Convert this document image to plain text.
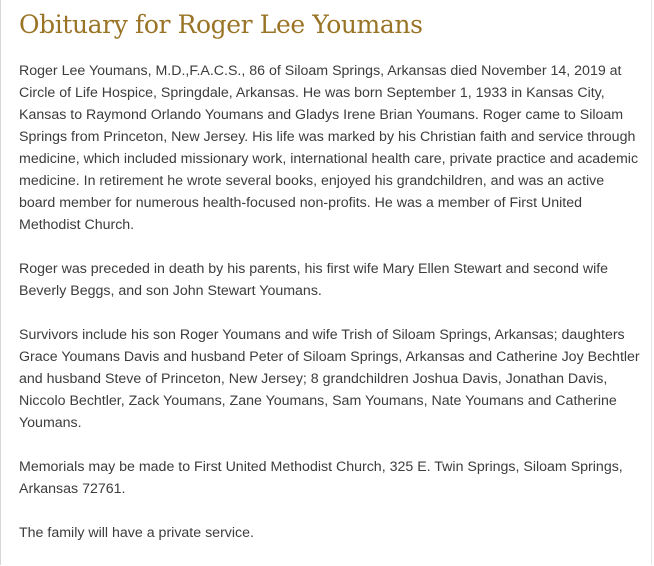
Obituary for Roger Lee Youmans

Roger Lee Youmans, M.D.,F.A.C.S., 86 of Siloam Springs, Arkansas died November 14, 2019 at Circle of Life Hospice, Springdale, Arkansas. He was born September 1, 1933 in Kansas City, Kansas to Raymond Orlando Youmans and Gladys Irene Brian Youmans. Roger came to Siloam Springs from Princeton, New Jersey. His life was marked by his Christian faith and service through medicine, which included missionary work, international health care, private practice and academic medicine. In retirement he wrote several books, enjoyed his grandchildren, and was an active board member for numerous health-focused non-profits. He was a member of First United Methodist Church.

Roger was preceded in death by his parents, his first wife Mary Ellen Stewart and second wife Beverly Beggs, and son John Stewart Youmans.

Survivors include his son Roger Youmans and wife Trish of Siloam Springs, Arkansas; daughters Grace Youmans Davis and husband Peter of Siloam Springs, Arkansas and Catherine Joy Bechtler and husband Steve of Princeton, New Jersey; 8 grandchildren Joshua Davis, Jonathan Davis, Niccolo Bechtler, Zack Youmans, Zane Youmans, Sam Youmans, Nate Youmans and Catherine Youmans.

Memorials may be made to First United Methodist Church, 325 E. Twin Springs, Siloam Springs, Arkansas 72761.

The family will have a private service.
